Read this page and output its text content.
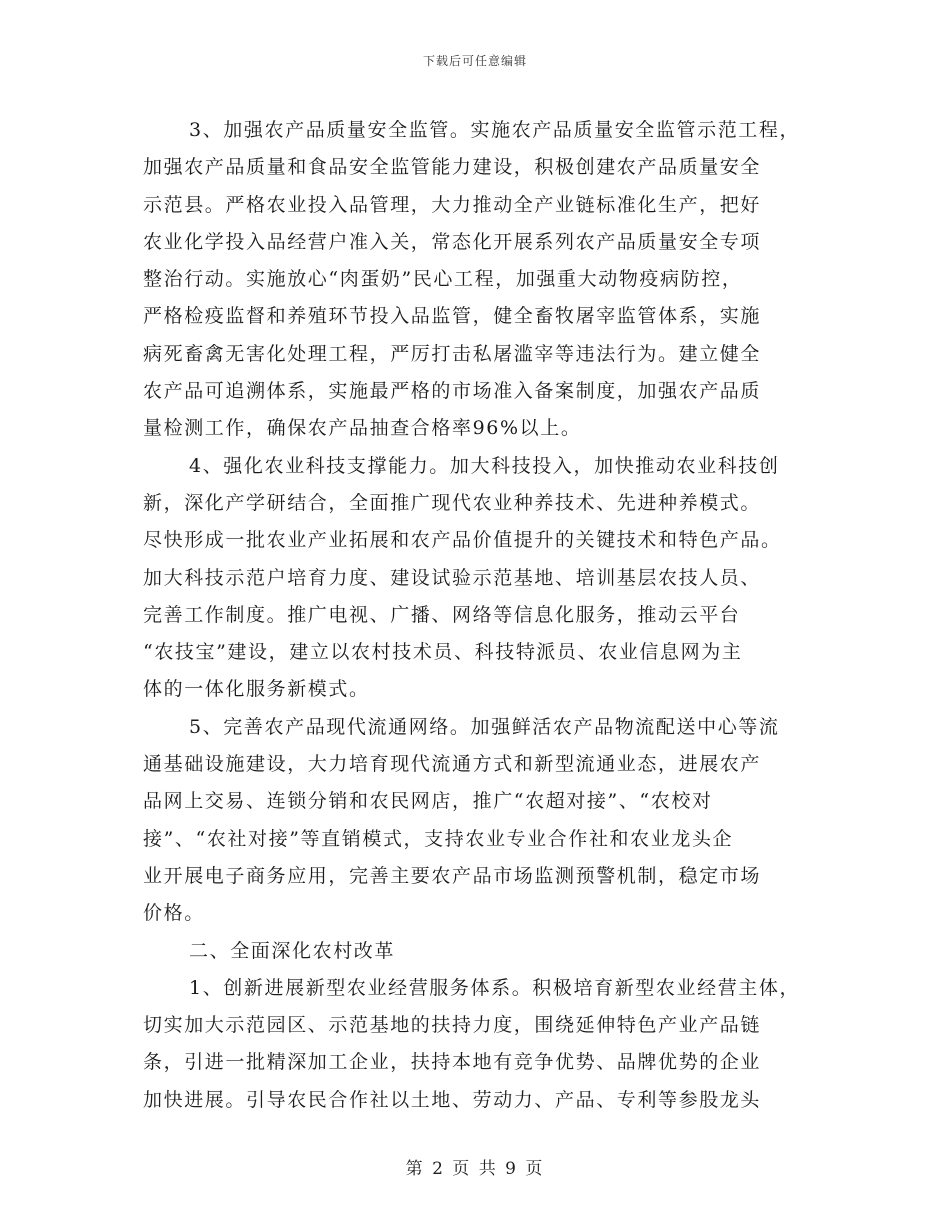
下载后可任意编辑
3、加强农产品质量安全监管。实施农产品质量安全监管示范工程，
加强农产品质量和食品安全监管能力建设，积极创建农产品质量安全
示范县。严格农业投入品管理，大力推动全产业链标准化生产，把好
农业化学投入品经营户准入关，常态化开展系列农产品质量安全专项
整治行动。实施放心“肉蛋奶”民心工程，加强重大动物疫病防控，
严格检疫监督和养殖环节投入品监管，健全畜牧屠宰监管体系，实施
病死畜禽无害化处理工程，严厉打击私屠滥宰等违法行为。建立健全
农产品可追溯体系，实施最严格的市场准入备案制度，加强农产品质
量检测工作，确保农产品抽查合格率96%以上。
4、强化农业科技支撑能力。加大科技投入，加快推动农业科技创
新，深化产学研结合，全面推广现代农业种养技术、先进种养模式。
尽快形成一批农业产业拓展和农产品价值提升的关键技术和特色产品。
加大科技示范户培育力度、建设试验示范基地、培训基层农技人员、
完善工作制度。推广电视、广播、网络等信息化服务，推动云平台
“农技宝”建设，建立以农村技术员、科技特派员、农业信息网为主
体的一体化服务新模式。
5、完善农产品现代流通网络。加强鲜活农产品物流配送中心等流
通基础设施建设，大力培育现代流通方式和新型流通业态，进展农产
品网上交易、连锁分销和农民网店，推广“农超对接”、“农校对
接”、“农社对接”等直销模式，支持农业专业合作社和农业龙头企
业开展电子商务应用，完善主要农产品市场监测预警机制，稳定市场
价格。
二、全面深化农村改革
1、创新进展新型农业经营服务体系。积极培育新型农业经营主体，
切实加大示范园区、示范基地的扶持力度，围绕延伸特色产业产品链
条，引进一批精深加工企业，扶持本地有竞争优势、品牌优势的企业
加快进展。引导农民合作社以土地、劳动力、产品、专利等参股龙头
第 2 页 共 9 页
